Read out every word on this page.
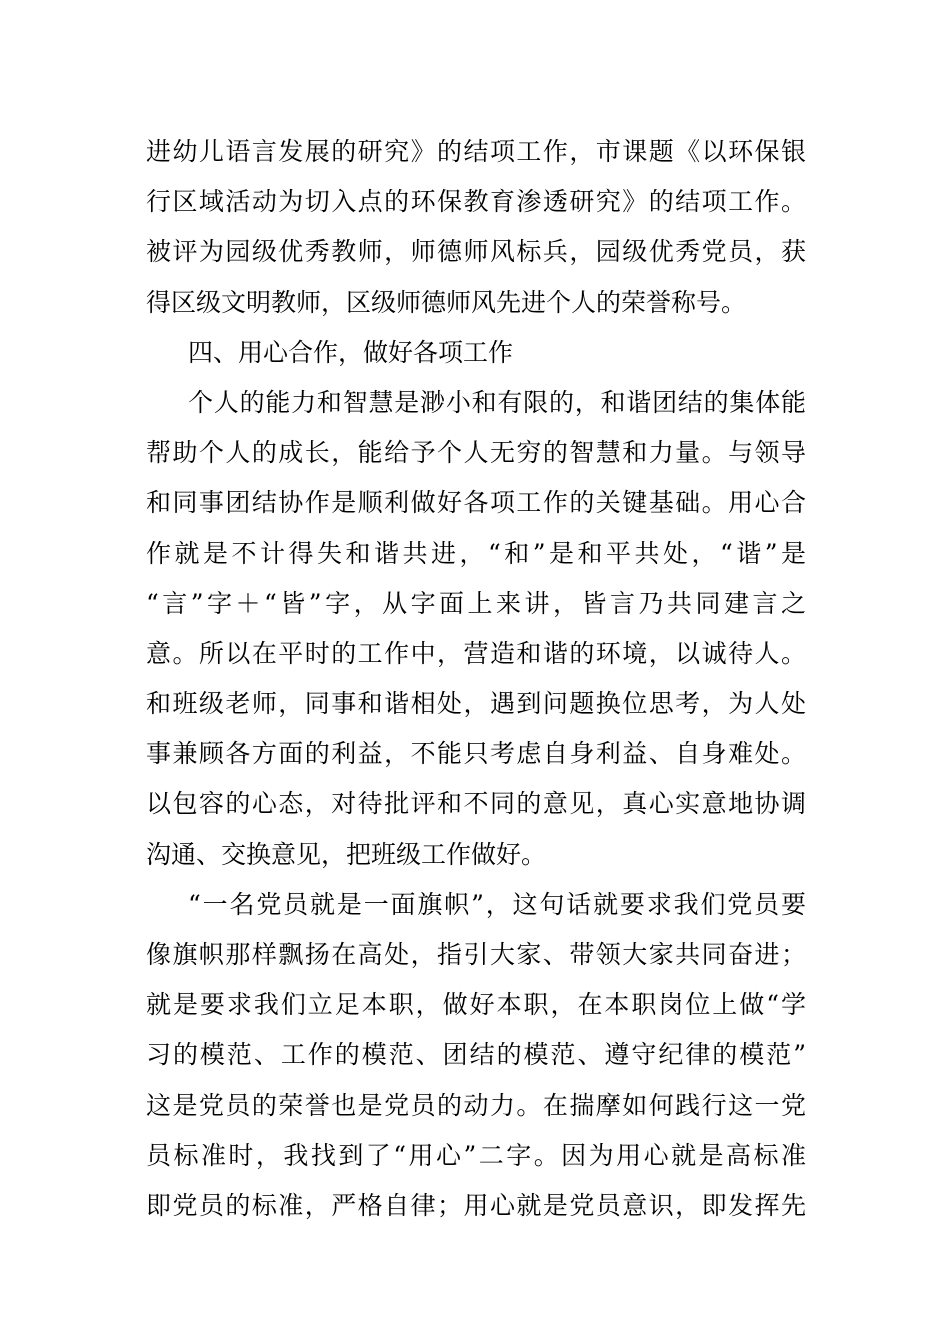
进幼儿语言发展的研究》的结项工作，市课题《以环保银
行区域活动为切入点的环保教育渗透研究》的结项工作。
被评为园级优秀教师，师德师风标兵，园级优秀党员，获
得区级文明教师，区级师德师风先进个人的荣誉称号。
四、用心合作，做好各项工作
个人的能力和智慧是渺小和有限的，和谐团结的集体能
帮助个人的成长，能给予个人无穷的智慧和力量。与领导
和同事团结协作是顺利做好各项工作的关键基础。用心合
作就是不计得失和谐共进，“和”是和平共处，“谐”是
“言”字＋“皆”字，从字面上来讲，皆言乃共同建言之
意。所以在平时的工作中，营造和谐的环境，以诚待人。
和班级老师，同事和谐相处，遇到问题换位思考，为人处
事兼顾各方面的利益，不能只考虑自身利益、自身难处。
以包容的心态，对待批评和不同的意见，真心实意地协调
沟通、交换意见，把班级工作做好。
“一名党员就是一面旗帜”，这句话就要求我们党员要
像旗帜那样飘扬在高处，指引大家、带领大家共同奋进；
就是要求我们立足本职，做好本职，在本职岗位上做“学
习的模范、工作的模范、团结的模范、遵守纪律的模范”
这是党员的荣誉也是党员的动力。在揣摩如何践行这一党
员标准时，我找到了“用心”二字。因为用心就是高标准
即党员的标准，严格自律；用心就是党员意识，即发挥先
